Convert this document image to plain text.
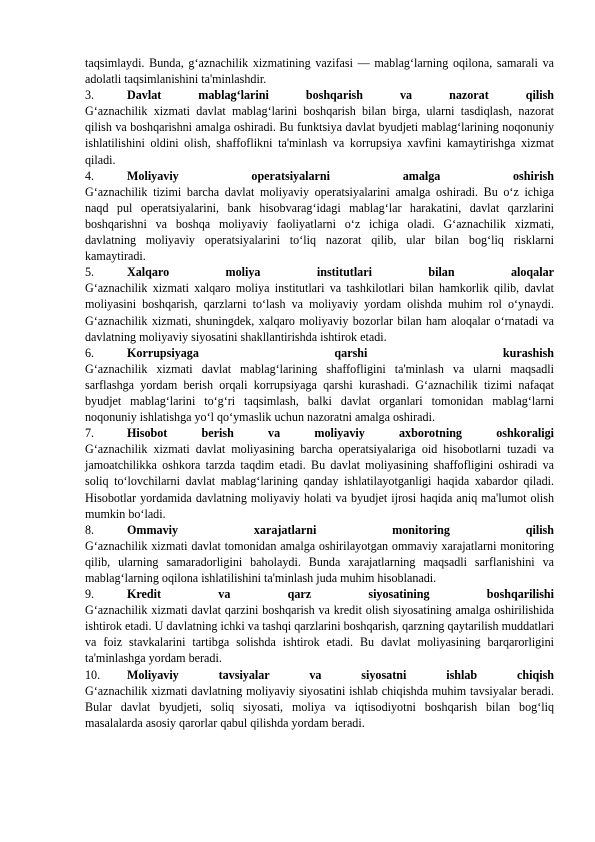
taqsimlaydi. Bunda, g‘aznachilik xizmatining vazifasi — mablag‘larning oqilona, samarali va adolatli taqsimlanishini ta'minlashdir.

3.	Davlat mablag‘larini boshqarish va nazorat qilish

G‘aznachilik xizmati davlat mablag‘larini boshqarish bilan birga, ularni tasdiqlash, nazorat qilish va boshqarishni amalga oshiradi. Bu funktsiya davlat byudjeti mablag‘larining noqonuniy ishlatilishini oldini olish, shaffoflikni ta'minlash va korrupsiya xavfini kamaytirishga xizmat qiladi.

4.	Moliyaviy operatsiyalarni amalga oshirish

G‘aznachilik tizimi barcha davlat moliyaviy operatsiyalarini amalga oshiradi. Bu o‘z ichiga naqd pul operatsiyalarini, bank hisobvarag‘idagi mablag‘lar harakatini, davlat qarzlarini boshqarishni va boshqa moliyaviy faoliyatlarni o‘z ichiga oladi. G‘aznachilik xizmati, davlatning moliyaviy operatsiyalarini to‘liq nazorat qilib, ular bilan bog‘liq risklarni kamaytiradi.

5.	Xalqaro moliya institutlari bilan aloqalar

G‘aznachilik xizmati xalqaro moliya institutlari va tashkilotlari bilan hamkorlik qilib, davlat moliyasini boshqarish, qarzlarni to‘lash va moliyaviy yordam olishda muhim rol o‘ynaydi. G‘aznachilik xizmati, shuningdek, xalqaro moliyaviy bozorlar bilan ham aloqalar o‘rnatadi va davlatning moliyaviy siyosatini shakllantirishda ishtirok etadi.

6.	Korrupsiyaga qarshi kurashish

G‘aznachilik xizmati davlat mablag‘larining shaffofligini ta'minlash va ularni maqsadli sarflashga yordam berish orqali korrupsiyaga qarshi kurashadi. G‘aznachilik tizimi nafaqat byudjet mablag‘larini to‘g‘ri taqsimlash, balki davlat organlari tomonidan mablag‘larni noqonuniy ishlatishga yo‘l qo‘ymaslik uchun nazoratni amalga oshiradi.

7.	Hisobot berish va moliyaviy axborotning oshkoraligi

G‘aznachilik xizmati davlat moliyasining barcha operatsiyalariga oid hisobotlarni tuzadi va jamoatchilikka oshkora tarzda taqdim etadi. Bu davlat moliyasining shaffofligini oshiradi va soliq to‘lovchilarni davlat mablag‘larining qanday ishlatilayotganligi haqida xabardor qiladi. Hisobotlar yordamida davlatning moliyaviy holati va byudjet ijrosi haqida aniq ma'lumot olish mumkin bo‘ladi.

8.	Ommaviy xarajatlarni monitoring qilish

G‘aznachilik xizmati davlat tomonidan amalga oshirilayotgan ommaviy xarajatlarni monitoring qilib, ularning samaradorligini baholaydi. Bunda xarajatlarning maqsadli sarflanishini va mablag‘larning oqilona ishlatilishini ta'minlash juda muhim hisoblanadi.

9.	Kredit va qarz siyosatining boshqarilishi

G‘aznachilik xizmati davlat qarzini boshqarish va kredit olish siyosatining amalga oshirilishida ishtirok etadi. U davlatning ichki va tashqi qarzlarini boshqarish, qarzning qaytarilish muddatlari va foiz stavkalarini tartibga solishda ishtirok etadi. Bu davlat moliyasining barqarorligini ta'minlashga yordam beradi.

10.	Moliyaviy tavsiyalar va siyosatni ishlab chiqish

G‘aznachilik xizmati davlatning moliyaviy siyosatini ishlab chiqishda muhim tavsiyalar beradi. Bular davlat byudjeti, soliq siyosati, moliya va iqtisodiyotni boshqarish bilan bog‘liq masalalarda asosiy qarorlar qabul qilishda yordam beradi.
